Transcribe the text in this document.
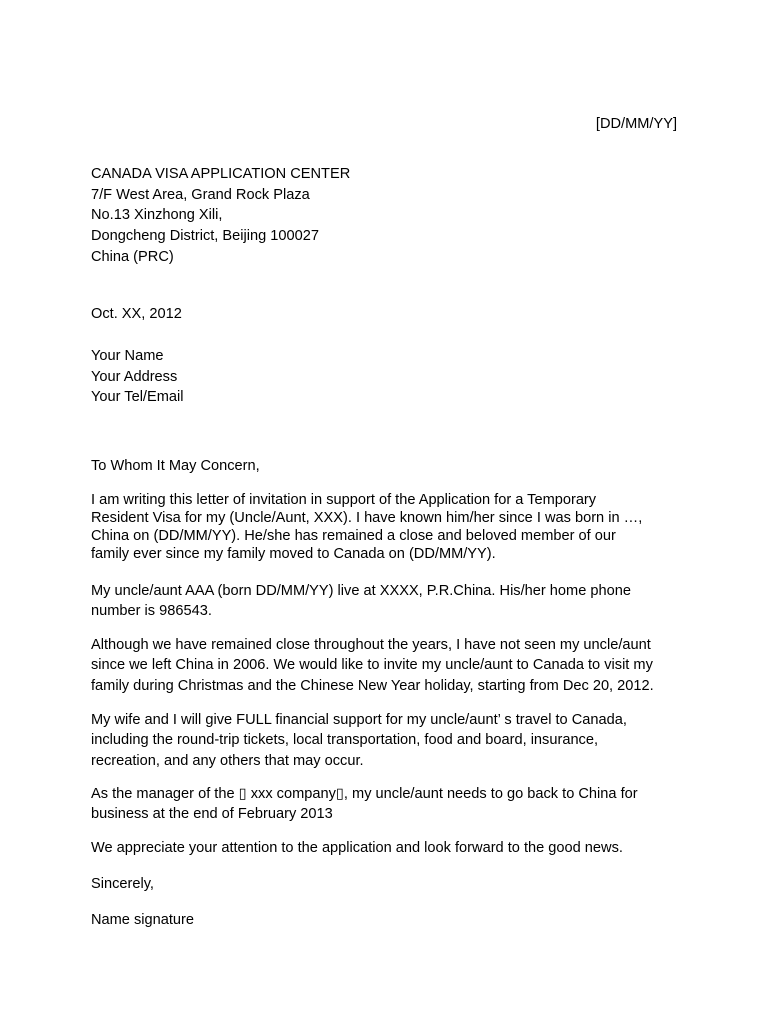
[DD/MM/YY]
CANADA VISA APPLICATION CENTER
7/F West Area, Grand Rock Plaza
No.13 Xinzhong Xili,
Dongcheng District, Beijing 100027
China (PRC)
Oct. XX, 2012
Your Name
Your Address
Your Tel/Email
To Whom It May Concern,
I am writing this letter of invitation in support of the Application for a Temporary
Resident Visa for my (Uncle/Aunt, XXX). I have known him/her since I was born in …,
China on (DD/MM/YY). He/she has remained a close and beloved member of our
family ever since my family moved to Canada on (DD/MM/YY).
My uncle/aunt AAA (born DD/MM/YY) live at XXXX, P.R.China. His/her home phone
number is 986543.
Although we have remained close throughout the years, I have not seen my uncle/aunt
since we left China in 2006. We would like to invite my uncle/aunt to Canada to visit my
family during Christmas and the Chinese New Year holiday, starting from Dec 20, 2012.
My wife and I will give FULL financial support for my uncle/aunt’ s travel to Canada,
including the round-trip tickets, local transportation, food and board, insurance,
recreation, and any others that may occur.
As the manager of the ▯ xxx company▯, my uncle/aunt needs to go back to China for
business at the end of February 2013
We appreciate your attention to the application and look forward to the good news.
Sincerely,
Name signature
